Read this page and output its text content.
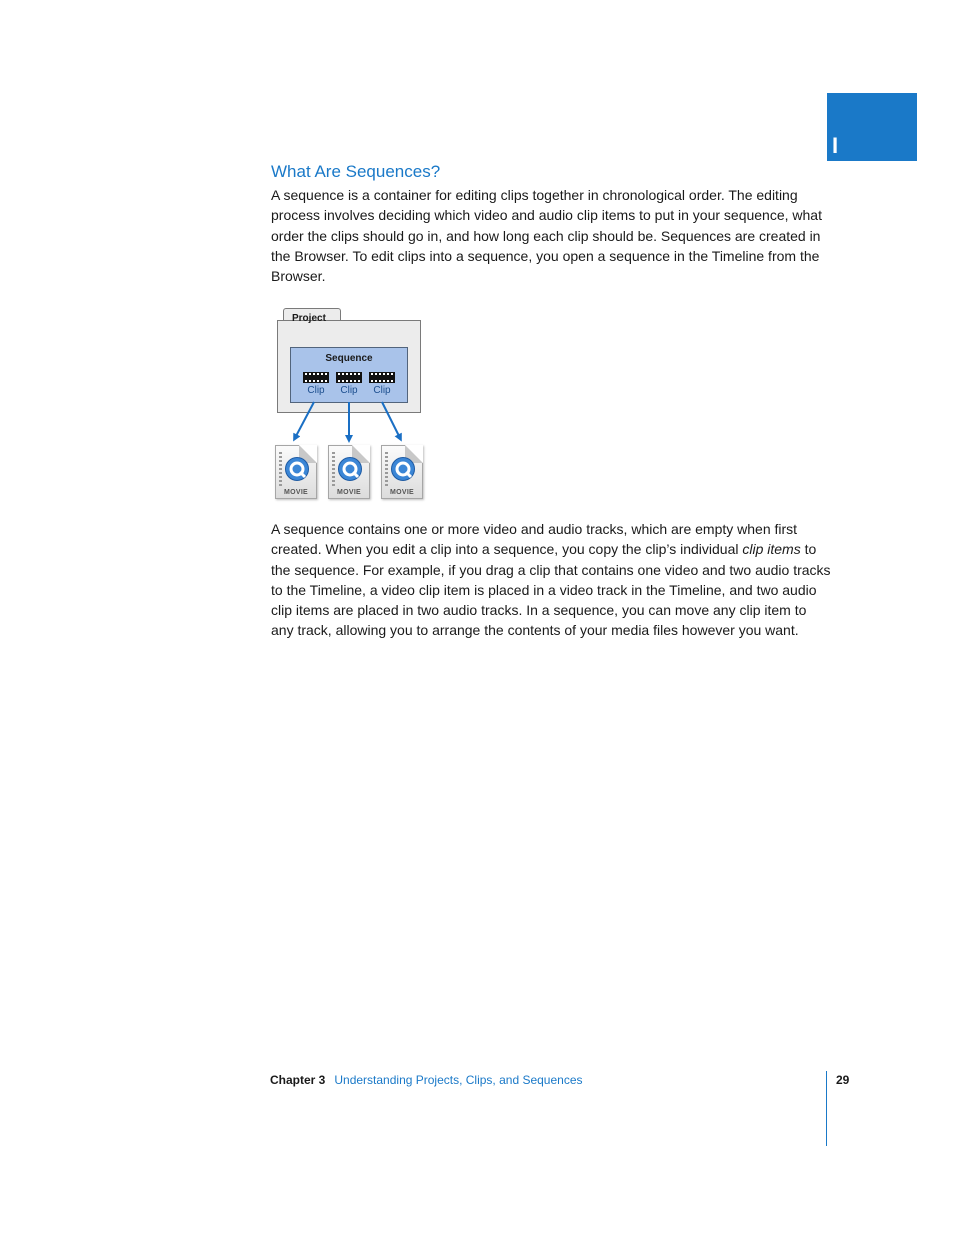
I
What Are Sequences?

A sequence is a container for editing clips together in chronological order. The editing process involves deciding which video and audio clip items to put in your sequence, what order the clips should go in, and how long each clip should be. Sequences are created in the Browser. To edit clips into a sequence, you open a sequence in the Timeline from the Browser.

Project
Sequence
Clip	Clip	Clip
MOVIE	MOVIE	MOVIE

A sequence contains one or more video and audio tracks, which are empty when first created. When you edit a clip into a sequence, you copy the clip’s individual clip items to the sequence. For example, if you drag a clip that contains one video and two audio tracks to the Timeline, a video clip item is placed in a video track in the Timeline, and two audio clip items are placed in two audio tracks. In a sequence, you can move any clip item to any track, allowing you to arrange the contents of your media files however you want.

Chapter 3 Understanding Projects, Clips, and Sequences	29
